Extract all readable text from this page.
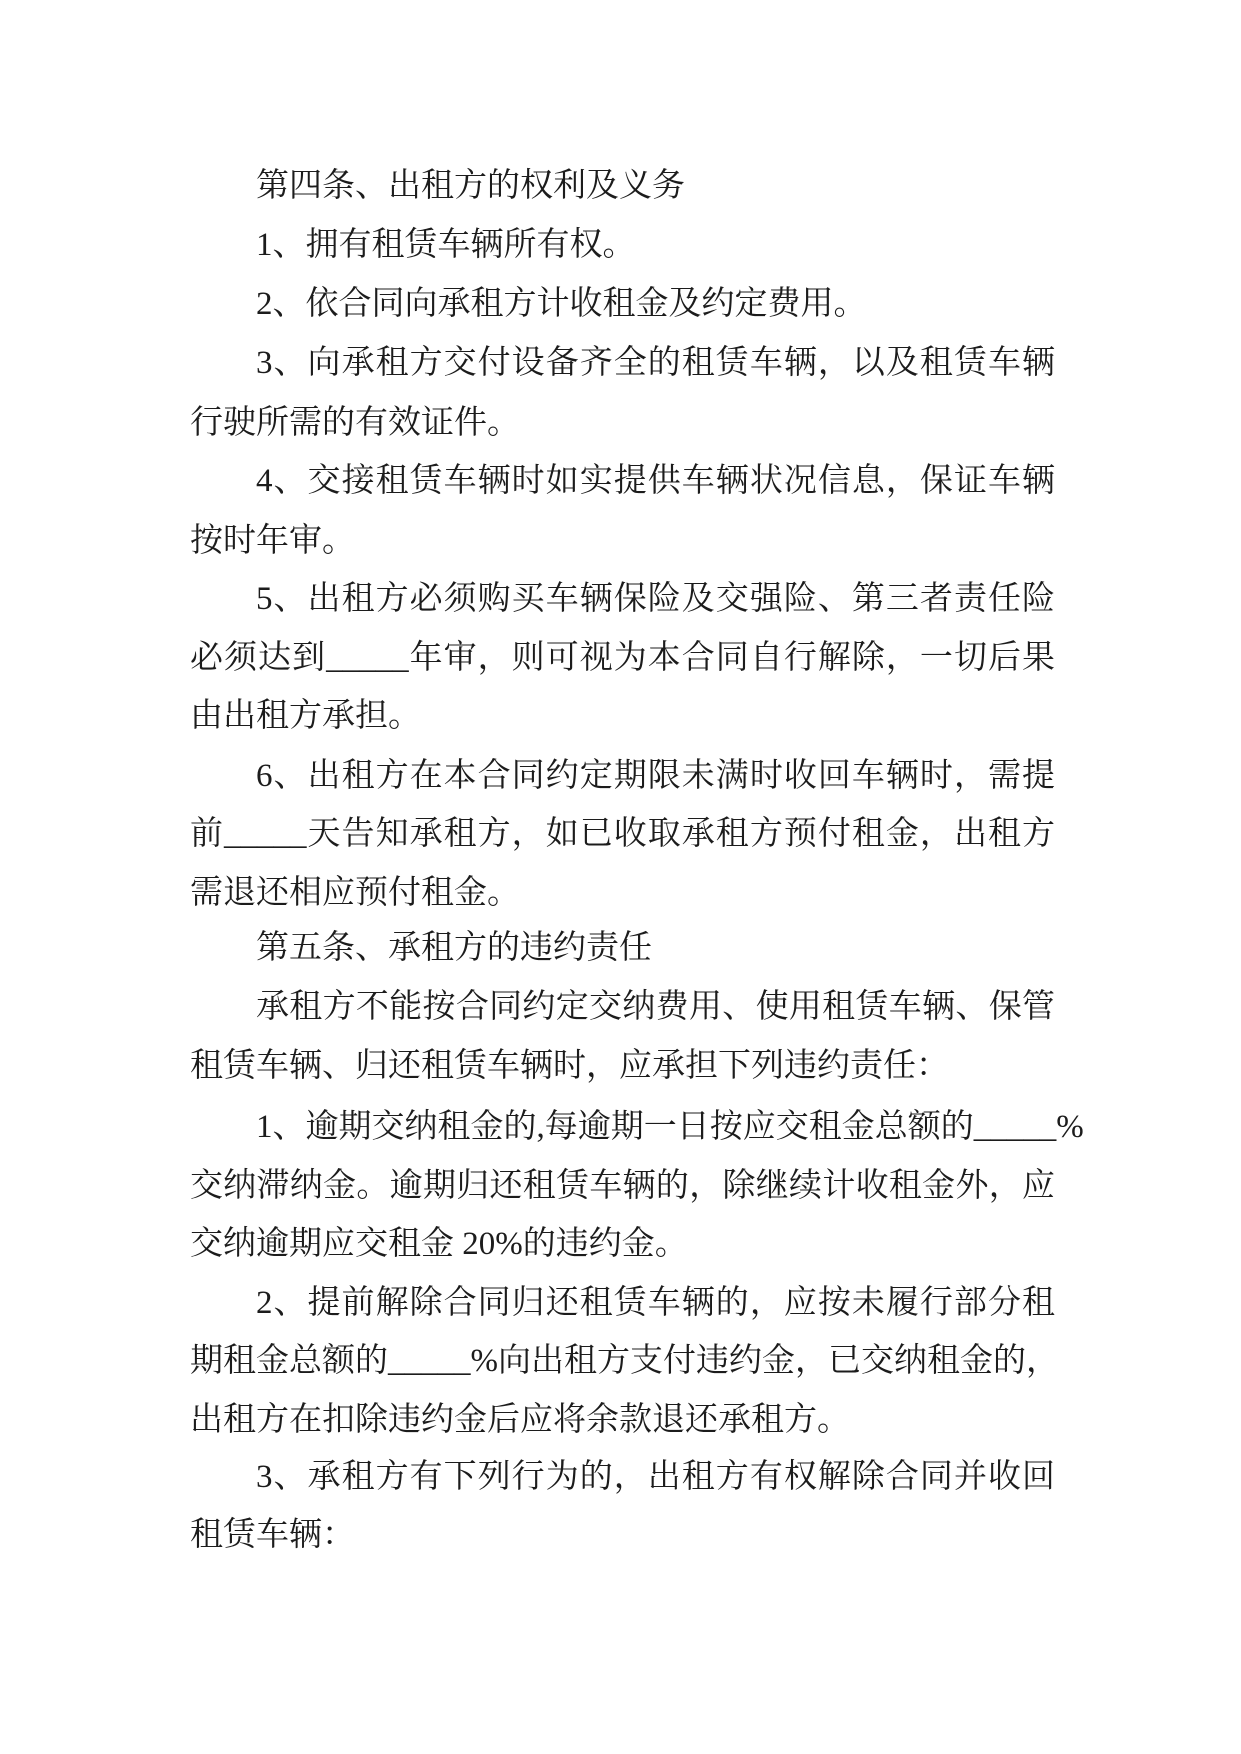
第四条、出租方的权利及义务
1、拥有租赁车辆所有权。
2、依合同向承租方计收租金及约定费用。
3、向承租方交付设备齐全的租赁车辆，以及租赁车辆
行驶所需的有效证件。
4、交接租赁车辆时如实提供车辆状况信息，保证车辆
按时年审。
5、出租方必须购买车辆保险及交强险、第三者责任险
必须达到_____年审，则可视为本合同自行解除，一切后果
由出租方承担。
6、出租方在本合同约定期限未满时收回车辆时，需提
前_____天告知承租方，如已收取承租方预付租金，出租方
需退还相应预付租金。
第五条、承租方的违约责任
承租方不能按合同约定交纳费用、使用租赁车辆、保管
租赁车辆、归还租赁车辆时，应承担下列违约责任：
1、逾期交纳租金的,每逾期一日按应交租金总额的_____%
交纳滞纳金。逾期归还租赁车辆的，除继续计收租金外，应
交纳逾期应交租金 20%的违约金。
2、提前解除合同归还租赁车辆的，应按未履行部分租
期租金总额的_____%向出租方支付违约金，已交纳租金的，
出租方在扣除违约金后应将余款退还承租方。
3、承租方有下列行为的，出租方有权解除合同并收回
租赁车辆：
